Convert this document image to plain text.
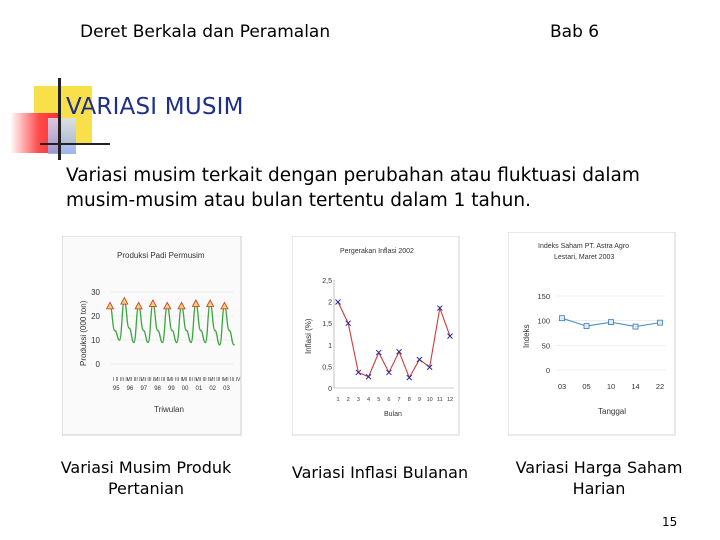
Deret Berkala dan Peramalan	Bab 6
VARIASI MUSIM
Variasi musim terkait dengan perubahan atau fluktuasi dalam musim-musim atau bulan tertentu dalam 1 tahun.
Produksi Padi Permusim
Triwulan
Produksi (000 ton) 0
10
20
30
I II III IV
95
I II III IV
96
I II III IV
97
I II III IV
98
I II III IV
99
I II III IV
00
I II III IV
01
I II III IV
02
I II III IV
03
Pergerakan Inflasi 2002
Bulan
Inflasi (%)
0
0,5
1
1,5
2
2,5
1 2 3 4 5 6 7 8 9 10 11 12
Indeks Saham PT. Astra Agro Lestari, Maret 2003
Tanggal
Indeks
0
50
100
150
03 05 10 14 22
Variasi Musim Produk Pertanian
Variasi Inflasi Bulanan	Variasi Harga Saham Harian
15
